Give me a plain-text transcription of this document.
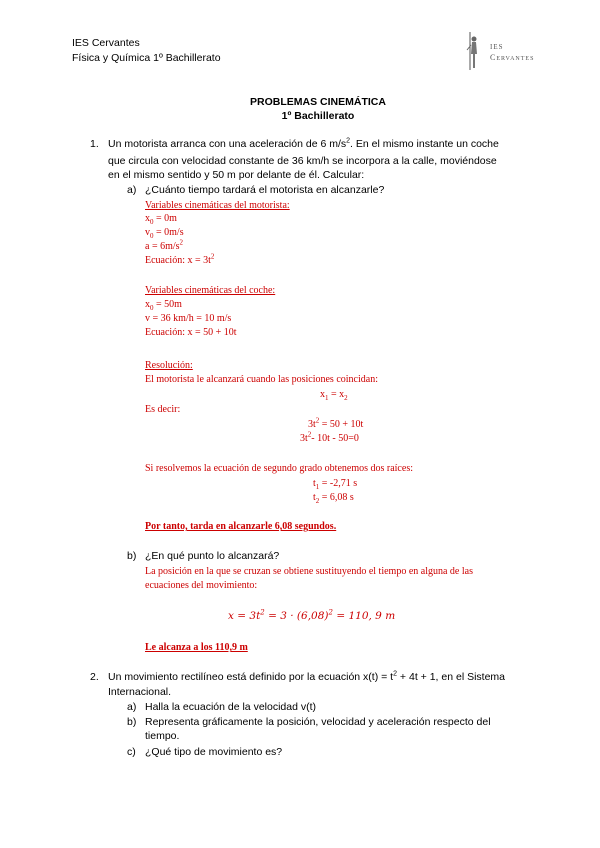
IES Cervantes
Física y Química 1º Bachillerato
IES
Cervantes
PROBLEMAS CINEMÁTICA
1º Bachillerato
1. Un motorista arranca con una aceleración de 6 $m/s^2$. En el mismo instante un coche
que circula con velocidad constante de 36 km/h se incorpora a la calle, moviéndose
en el mismo sentido y 50 m por delante de él. Calcular:
a) ¿Cuánto tiempo tardará el motorista en alcanzarle?
Variables cinemáticas del motorista:
$x_0 = 0m$
$v_0 = 0m/s$
$a = 6m/s^2$
Ecuación: $x = 3t^2$
Variables cinemáticas del coche:
$x_0 = 50m$
v = 36 km/h = 10 m/s
Ecuación: x = 50 + 10t
Resolución:
El motorista le alcanzará cuando las posiciones coincidan:
$x_1 = x_2$
Es decir:
$3t^2 = 50 + 10t$
$3t^2-$ 10t - 50=0
Si resolvemos la ecuación de segundo grado obtenemos dos raíces:
$t_1 = -2,71$ s
$t_2 = 6,08$ s
Por tanto, tarda en alcanzarle 6,08 segundos.
b) ¿En qué punto lo alcanzará?
La posición en la que se cruzan se obtiene sustituyendo el tiempo en alguna de las
ecuaciones del movimiento:
$x = 3t^2 = 3 \cdot (6,08)^2 = 110$, 9 m
Le alcanza a los 110,9 m
2. Un movimiento rectilíneo está definido por la ecuación $x(t) = t^2 + 4t + 1$, en el Sistema
Internacional.
a) Halla la ecuación de la velocidad v(t)
b) Representa gráficamente la posición, velocidad y aceleración respecto del
tiempo.
c) ¿Qué tipo de movimiento es?
